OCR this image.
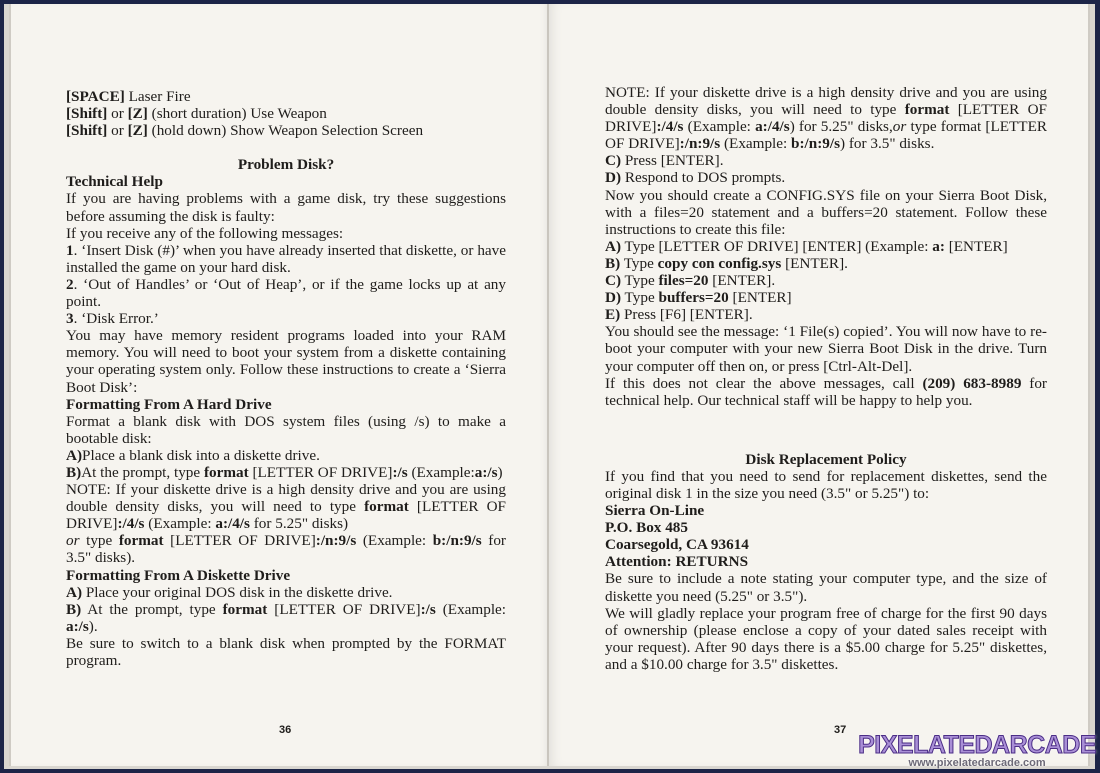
[SPACE] Laser Fire

[Shift] or [Z] (short duration) Use Weapon

[Shift] or [Z] (hold down) Show Weapon Selection Screen

Problem Disk?

Technical Help

If you are having problems with a game disk, try these suggestions before assuming the disk is faulty:

If you receive any of the following messages:

1. ‘Insert Disk (#)’ when you have already inserted that diskette, or have installed the game on your hard disk.

2. ‘Out of Handles’ or ‘Out of Heap’, or if the game locks up at any point.

3. ‘Disk Error.’

You may have memory resident programs loaded into your RAM memory. You will need to boot your system from a diskette containing your operating system only. Follow these instructions to create a ‘Sierra Boot Disk’:

Formatting From A Hard Drive

Format a blank disk with DOS system files (using /s) to make a bootable disk:

A)Place a blank disk into a diskette drive.

B)At the prompt, type format [LETTER OF DRIVE]:/s (Example:a:/s)

NOTE: If your diskette drive is a high density drive and you are using double density disks, you will need to type format [LETTER OF DRIVE]:/4/s (Example: a:/4/s for 5.25" disks)

or type format [LETTER OF DRIVE]:/n:9/s (Example: b:/n:9/s for 3.5" disks).

Formatting From A Diskette Drive

A) Place your original DOS disk in the diskette drive.

B) At the prompt, type format [LETTER OF DRIVE]:/s (Example: a:/s).

Be sure to switch to a blank disk when prompted by the FORMAT program.

36

NOTE: If your diskette drive is a high density drive and you are using double density disks, you will need to type format [LETTER OF DRIVE]:/4/s (Example: a:/4/s) for 5.25" disks,or type format [LETTER OF DRIVE]:/n:9/s (Example: b:/n:9/s) for 3.5" disks.

C) Press [ENTER].

D) Respond to DOS prompts.

Now you should create a CONFIG.SYS file on your Sierra Boot Disk, with a files=20 statement and a buffers=20 statement. Follow these instructions to create this file:

A) Type [LETTER OF DRIVE] [ENTER] (Example: a: [ENTER]

B) Type copy con config.sys [ENTER].

C) Type files=20 [ENTER].

D) Type buffers=20 [ENTER]

E) Press [F6] [ENTER].

You should see the message: ‘1 File(s) copied’. You will now have to re-boot your computer with your new Sierra Boot Disk in the drive. Turn your computer off then on, or press [Ctrl-Alt-Del].

If this does not clear the above messages, call (209) 683-8989 for technical help. Our technical staff will be happy to help you.

Disk Replacement Policy

If you find that you need to send for replacement diskettes, send the original disk 1 in the size you need (3.5" or 5.25") to:

Sierra On-Line

P.O. Box 485

Coarsegold, CA 93614

Attention: RETURNS

Be sure to include a note stating your computer type, and the size of diskette you need (5.25" or 3.5").

We will gladly replace your program free of charge for the first 90 days of ownership (please enclose a copy of your dated sales receipt with your request). After 90 days there is a $5.00 charge for 5.25" diskettes, and a $10.00 charge for 3.5" diskettes.

37
PIXELATEDARCADE
www.pixelatedarcade.com
